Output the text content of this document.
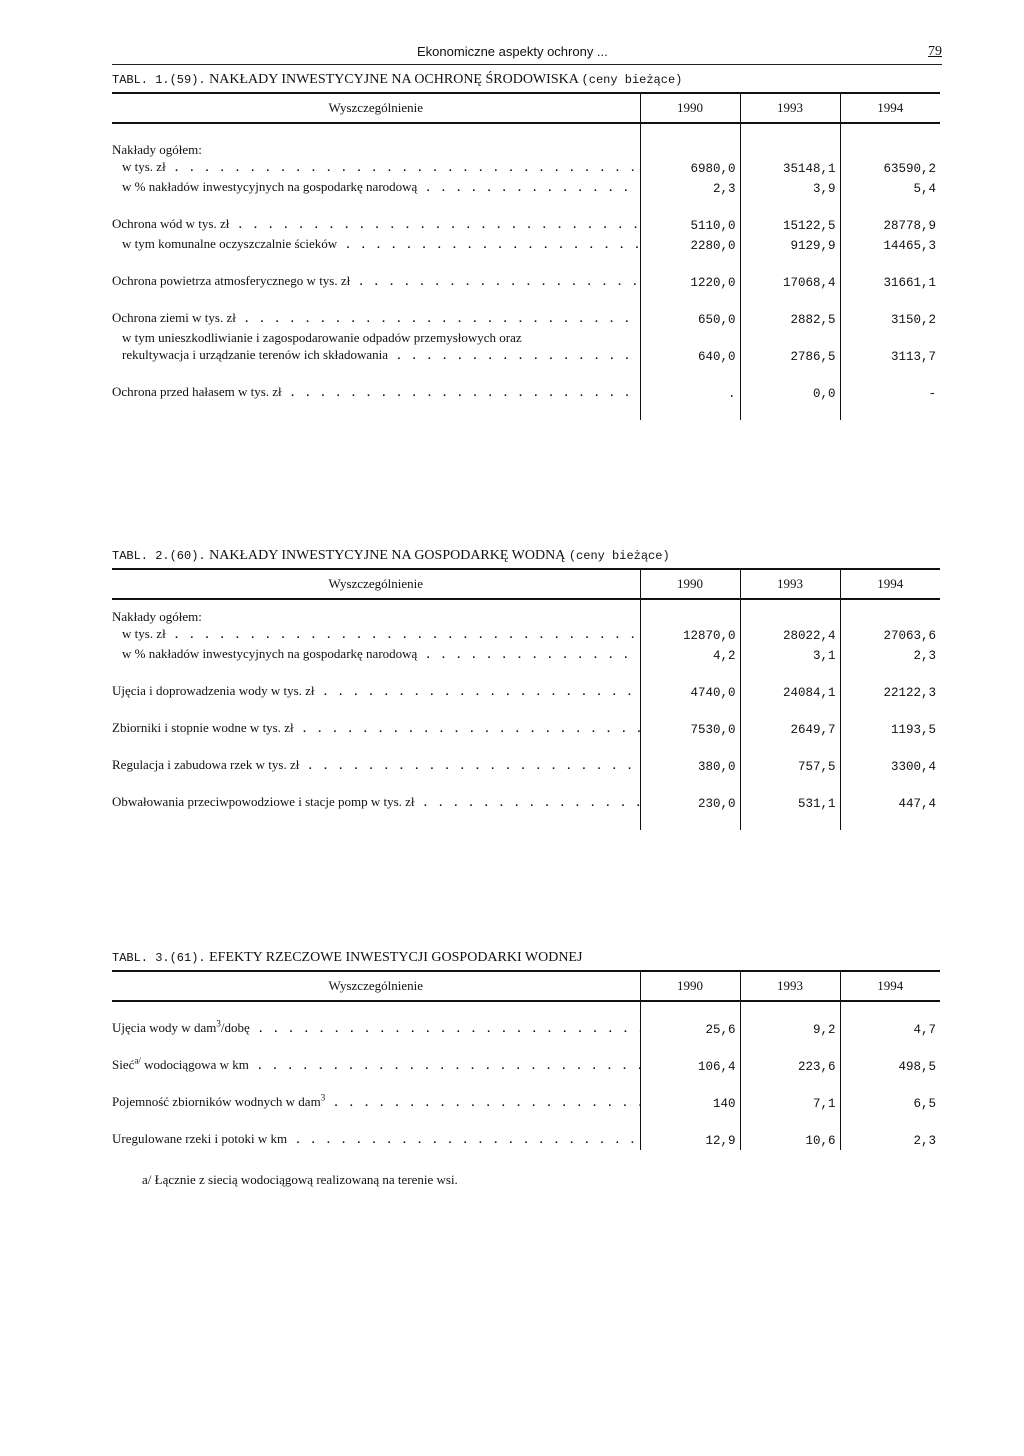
Ekonomiczne aspekty ochrony ...	79
TABL. 1.(59). NAKŁADY INWESTYCYJNE NA OCHRONĘ ŚRODOWISKA (ceny bieżące)
Wyszczególnienie	1990	1993	1994

Nakłady ogółem:			
w tys. zł . . .	6980,0	35148,1	63590,2
w % nakładów inwestycyjnych na gospodarkę narodową . . .	2,3	3,9	5,4

Ochrona wód w tys. zł . . .	5110,0	15122,5	28778,9
w tym komunalne oczyszczalnie ścieków . . .	2280,0	9129,9	14465,3

Ochrona powietrza atmosferycznego w tys. zł . . .	1220,0	17068,4	31661,1

Ochrona ziemi w tys. zł . . .	650,0	2882,5	3150,2
w tym unieszkodliwianie i zagospodarowanie odpadów przemysłowych oraz			
rekultywacja i urządzanie terenów ich składowania . . .	640,0	2786,5	3113,7

Ochrona przed hałasem w tys. zł . . .	.	0,0	-

TABL. 2.(60). NAKŁADY INWESTYCYJNE NA GOSPODARKĘ WODNĄ (ceny bieżące)
Wyszczególnienie	1990	1993	1994

Nakłady ogółem:			
w tys. zł . . .	12870,0	28022,4	27063,6
w % nakładów inwestycyjnych na gospodarkę narodową . . .	4,2	3,1	2,3

Ujęcia i doprowadzenia wody w tys. zł . . .	4740,0	24084,1	22122,3

Zbiorniki i stopnie wodne w tys. zł . . .	7530,0	2649,7	1193,5

Regulacja i zabudowa rzek w tys. zł . . .	380,0	757,5	3300,4

Obwałowania przeciwpowodziowe i stacje pomp w tys. zł . . .	230,0	531,1	447,4

TABL. 3.(61). EFEKTY RZECZOWE INWESTYCJI GOSPODARKI WODNEJ
Wyszczególnienie	1990	1993	1994

Ujęcia wody w dam$^3$/dobę . . .	25,6	9,2	4,7

Sieć$^{a/}$ wodociągowa w km . . .	106,4	223,6	498,5

Pojemność zbiorników wodnych w dam$^3$ . . .	140	7,1	6,5

Uregulowane rzeki i potoki w km . . .	12,9	10,6	2,3
a/ Łącznie z siecią wodociągową realizowaną na terenie wsi.
